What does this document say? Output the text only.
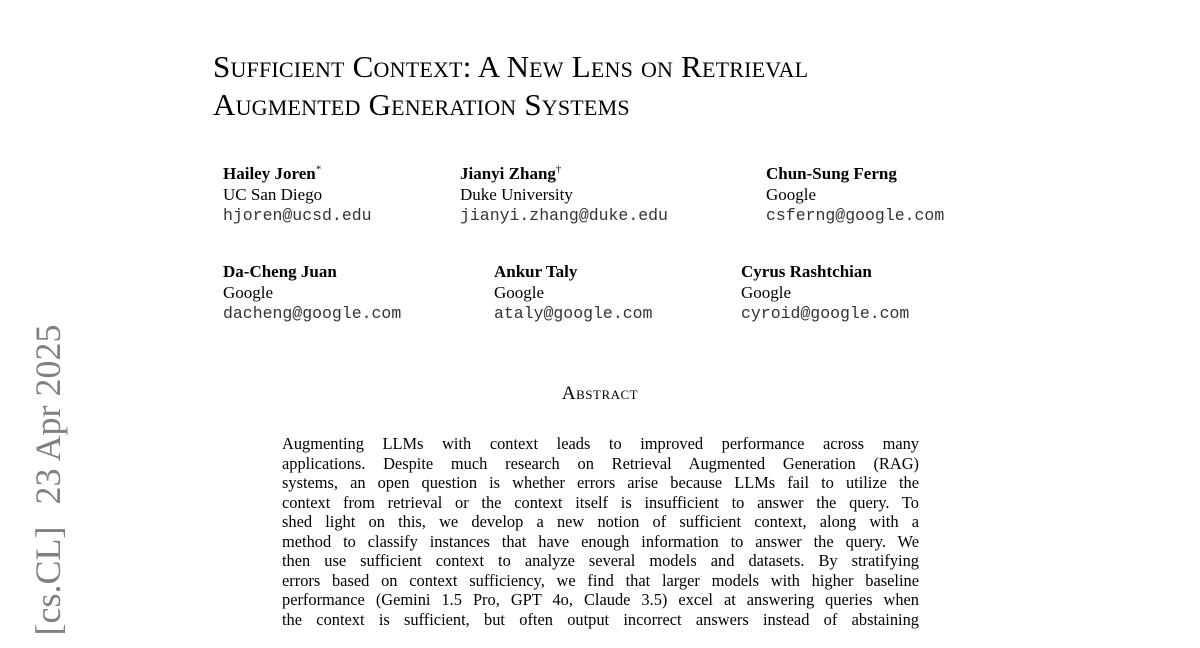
[cs.CL]23 Apr 2025
Sufficient Context: A New Lens on Retrieval
Augmented Generation Systems
Hailey Joren*
UC San Diego
hjoren@ucsd.edu
Jianyi Zhang†
Duke University
jianyi.zhang@duke.edu
Chun-Sung Ferng
Google
csferng@google.com
Da-Cheng Juan
Google
dacheng@google.com
Ankur Taly
Google
ataly@google.com
Cyrus Rashtchian
Google
cyroid@google.com
Abstract

Augmenting LLMs with context leads to improved performance across many
applications. Despite much research on Retrieval Augmented Generation (RAG)
systems, an open question is whether errors arise because LLMs fail to utilize the
context from retrieval or the context itself is insufficient to answer the query. To
shed light on this, we develop a new notion of sufficient context, along with a
method to classify instances that have enough information to answer the query. We
then use sufficient context to analyze several models and datasets. By stratifying
errors based on context sufficiency, we find that larger models with higher baseline
performance (Gemini 1.5 Pro, GPT 4o, Claude 3.5) excel at answering queries when
the context is sufficient, but often output incorrect answers instead of abstaining
